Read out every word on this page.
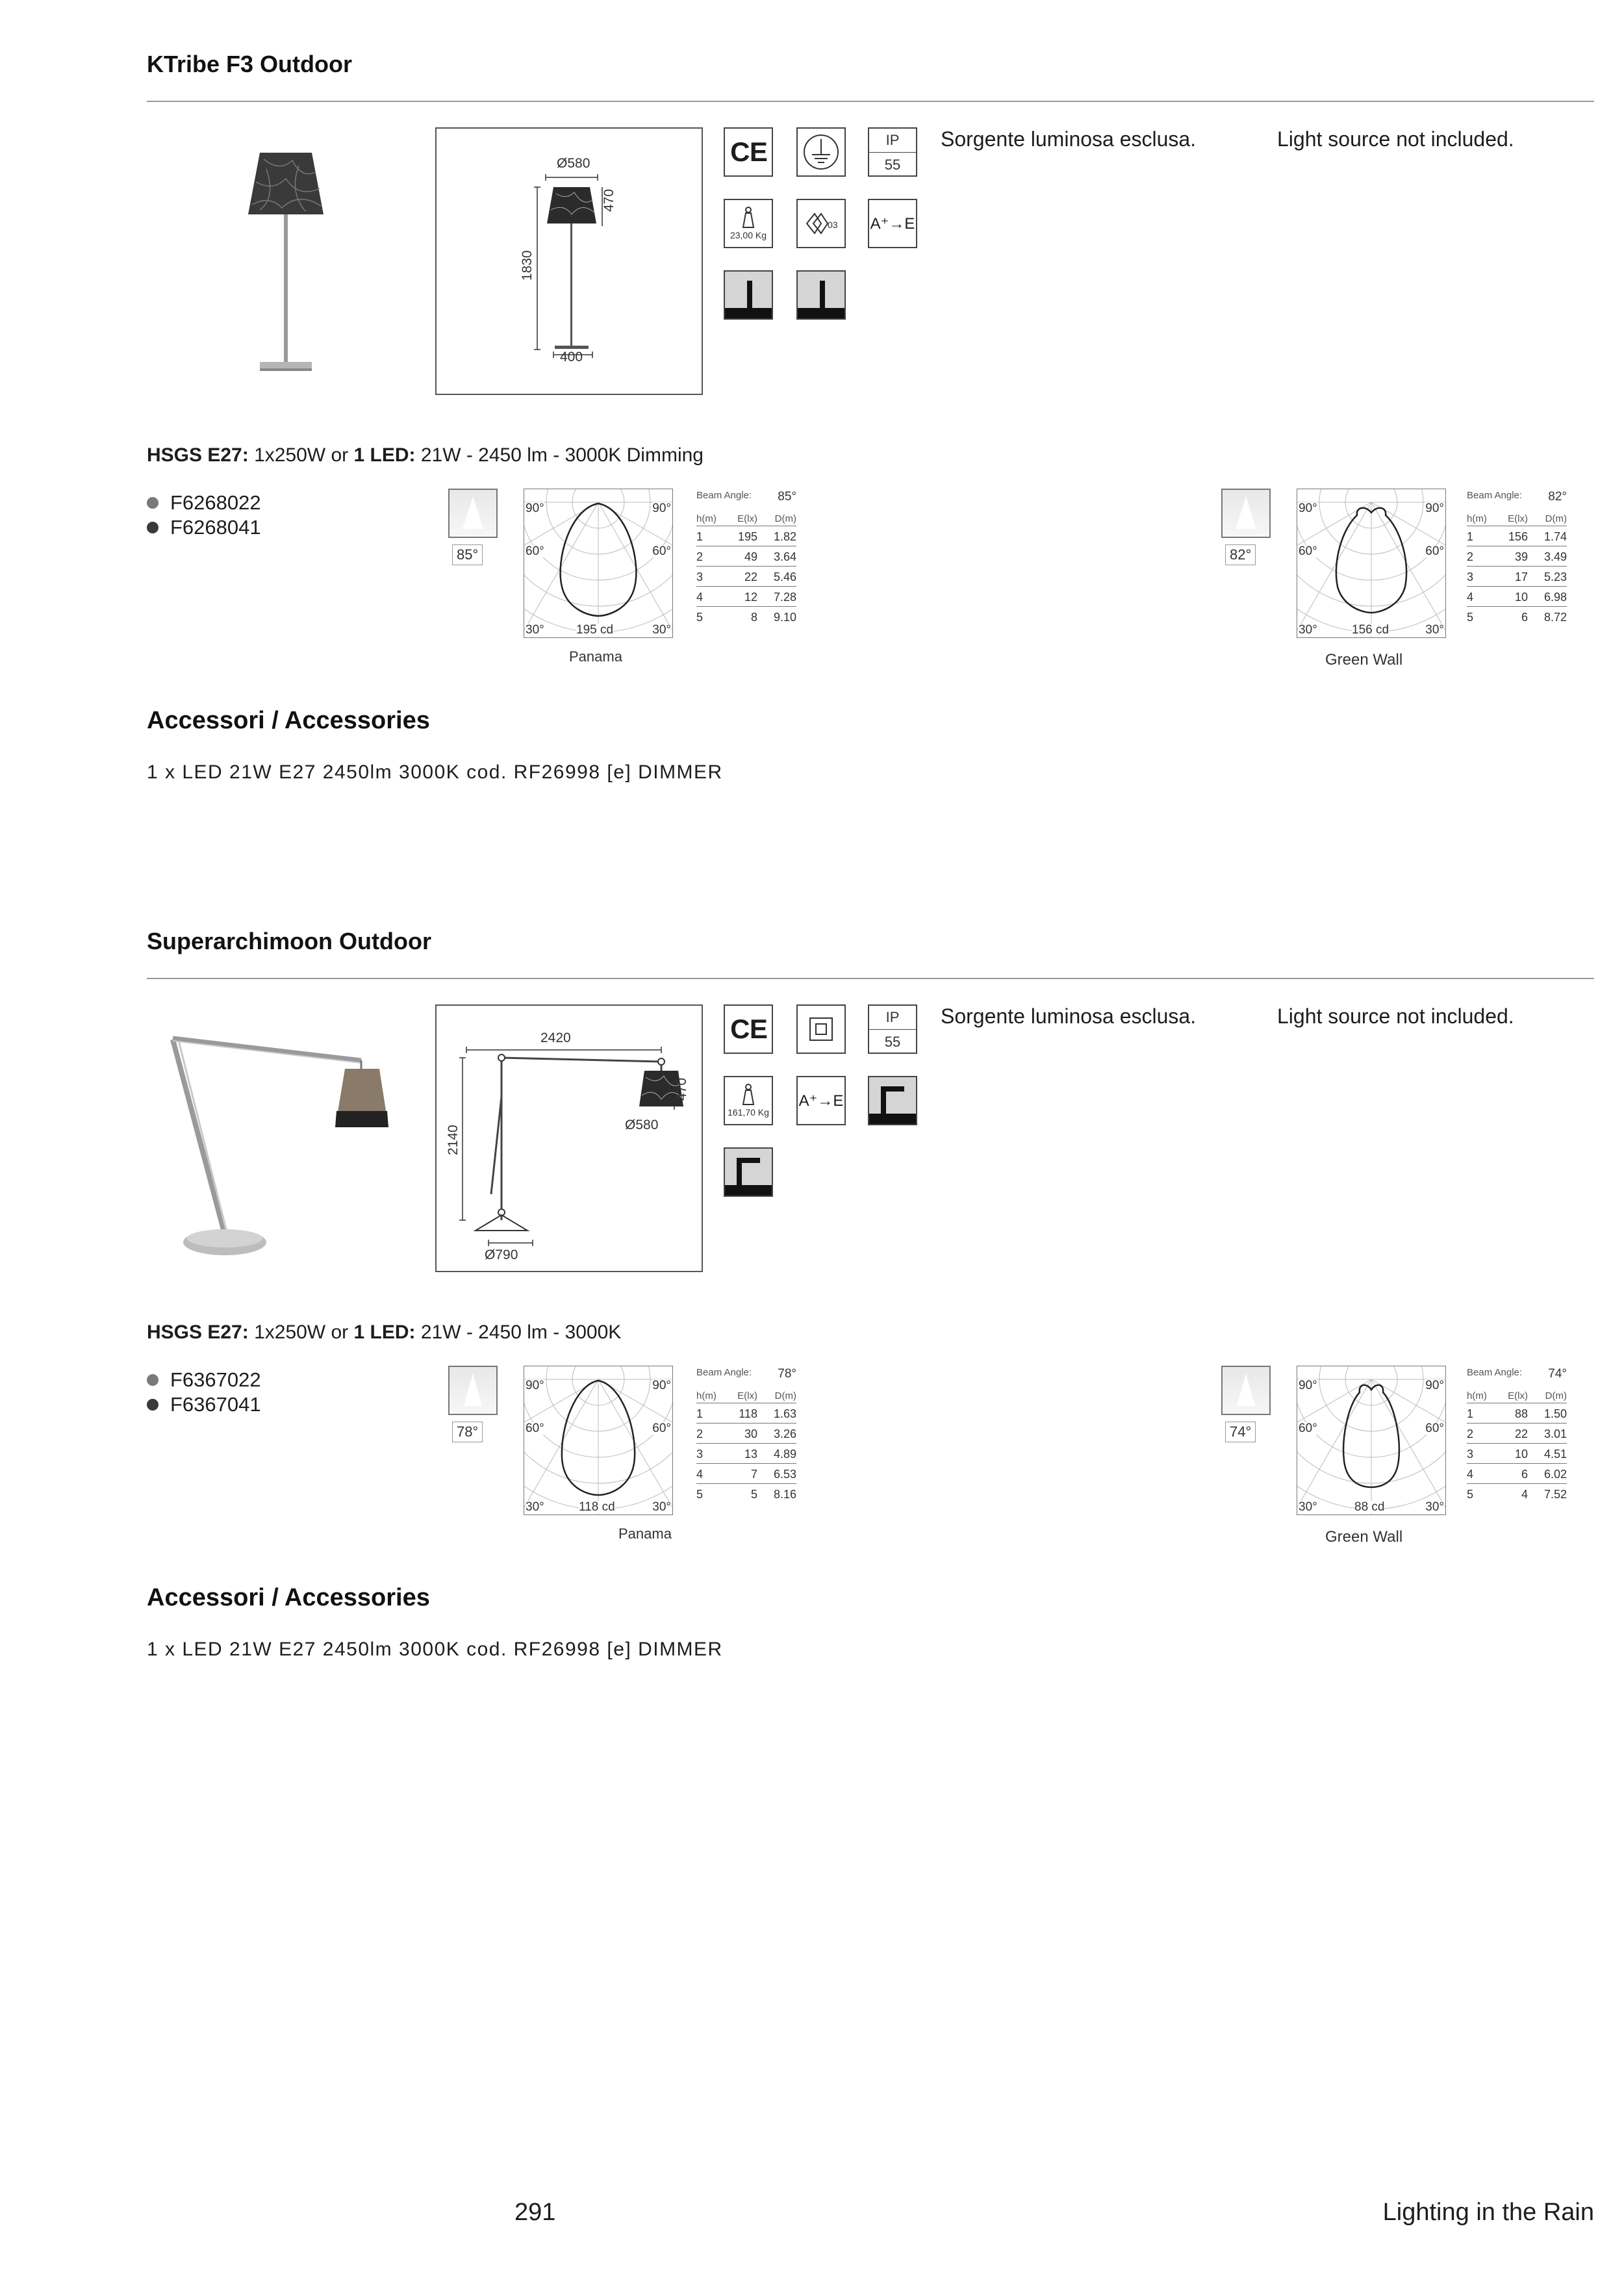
KTribe F3 Outdoor
Ø580
470
1830
400
C E	IP
55
23,00 Kg
03 A⁺→E
Sorgente luminosa esclusa.	Light source not included.
HSGS E27: 1x250W or 1 LED: 21W - 2450 lm - 3000K Dimming
F6268022
F6268041
85°
90°	90°
60°	60°
30°	30°
195 cd
Panama
Beam Angle: 85°
h(m)	E(lx)	D(m)
1	195	1.82
2	49	3.64
3	22	5.46
4	12	7.28
5	8	9.10
82°
90°	90°
60°	60°
30°	30°
156 cd
Green Wall
Beam Angle: 82°
h(m)	E(lx)	D(m)
1	156	1.74
2	39	3.49
3	17	5.23
4	10	6.98
5	6	8.72
Accessori / Accessories
1 x LED 21W E27 2450lm 3000K cod. RF26998 [e] DIMMER
Superarchimoon Outdoor
2420
470
2140	Ø580
Ø790
C E	IP
55
161,70 Kg
A⁺→E
Sorgente luminosa esclusa.	Light source not included.
HSGS E27: 1x250W or 1 LED: 21W - 2450 lm - 3000K
F6367022
F6367041
78°
90°	90°
60°	60°
30°	30°
118 cd
Panama
Beam Angle: 78°
h(m)	E(lx)	D(m)
1	118	1.63
2	30	3.26
3	13	4.89
4	7	6.53
5	5	8.16
74°
90°	90°
60°	60°
30°	30°
88 cd
Green Wall
Beam Angle: 74°
h(m)	E(lx)	D(m)
1	88	1.50
2	22	3.01
3	10	4.51
4	6	6.02
5	4	7.52
Accessori / Accessories
1 x LED 21W E27 2450lm 3000K cod. RF26998 [e] DIMMER
291	Lighting in the Rain
